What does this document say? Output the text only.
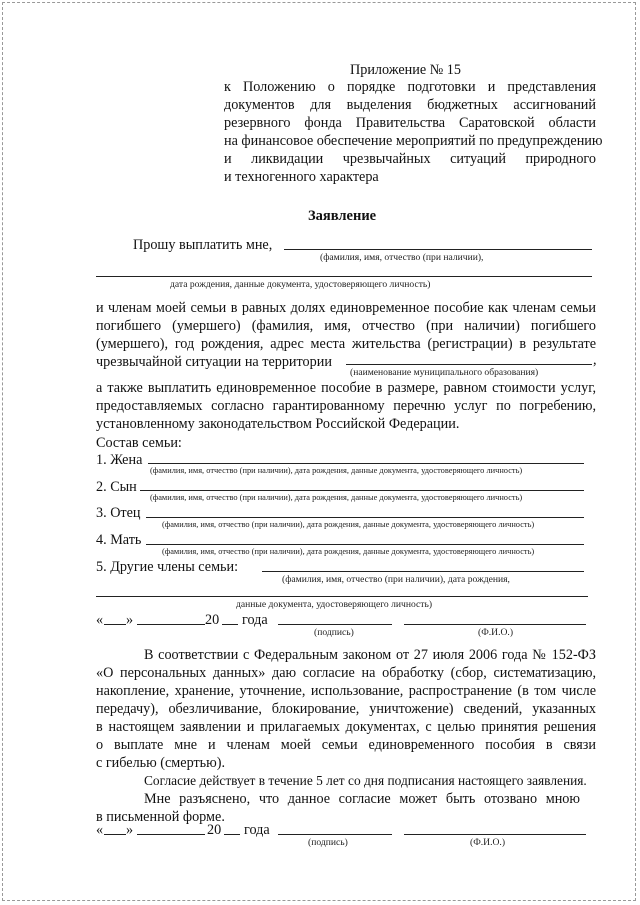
Приложение № 15
к Положению о порядке подготовки и представления
документов для выделения бюджетных ассигнований
резервного фонда Правительства Саратовской области
на финансовое обеспечение мероприятий по предупреждению
и ликвидации чрезвычайных ситуаций природного
и техногенного характера
Заявление
Прошу выплатить мне,
(фамилия, имя, отчество (при наличии),
дата рождения, данные документа, удостоверяющего личность)
и членам моей семьи в равных долях единовременное пособие как членам семьи
погибшего (умершего) (фамилия, имя, отчество (при наличии) погибшего
(умершего), год рождения, адрес места жительства (регистрации) в результате
чрезвычайной ситуации на территории	,
(наименование муниципального образования)
а также выплатить единовременное пособие в размере, равном стоимости услуг,
предоставляемых согласно гарантированному перечню услуг по погребению,
установленному законодательством Российской Федерации.
Состав семьи:
1. Жена
(фамилия, имя, отчество (при наличии), дата рождения, данные документа, удостоверяющего личность)
2. Сын
(фамилия, имя, отчество (при наличии), дата рождения, данные документа, удостоверяющего личность)
3. Отец
(фамилия, имя, отчество (при наличии), дата рождения, данные документа, удостоверяющего личность)
4. Мать
(фамилия, имя, отчество (при наличии), дата рождения, данные документа, удостоверяющего личность)
5. Другие члены семьи:
(фамилия, имя, отчество (при наличии), дата рождения,
данные документа, удостоверяющего личность)
« »	20 года
(подпись)	(Ф.И.О.)
В соответствии с Федеральным законом от 27 июля 2006 года № 152-ФЗ
«О персональных данных» даю согласие на обработку (сбор, систематизацию,
накопление, хранение, уточнение, использование, распространение (в том числе
передачу), обезличивание, блокирование, уничтожение) сведений, указанных
в настоящем заявлении и прилагаемых документах, с целью принятия решения
о выплате мне и членам моей семьи единовременного пособия в связи
с гибелью (смертью).
Согласие действует в течение 5 лет со дня подписания настоящего заявления.
Мне разъяснено, что данное согласие может быть отозвано мною
в письменной форме.
« »	20 года
(подпись)	(Ф.И.О.)
